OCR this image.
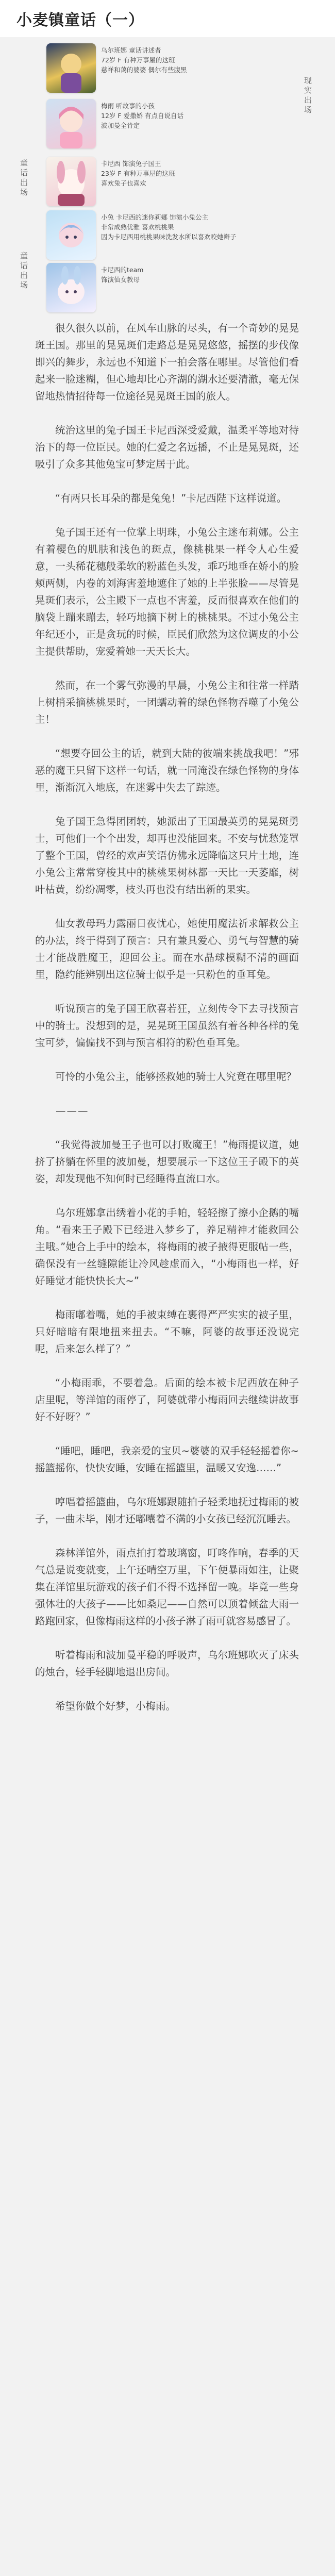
小麦镇童话（一）
现实出场
乌尔班娜 童话讲述者
72岁 F 有种万事屋的这班
慈祥和蔼的婆婆 偶尔有些腹黑
梅雨 听故事的小孩
12岁 F 爱撒娇 有点自说自话
波加曼全肯定
童话出场	卡尼西 饰演兔子国王
23岁 F 有种万事屋的这班
喜欢兔子也喜欢
小兔 卡尼西的迷你莉娜 饰演小兔公主
非常成熟优雅 喜欢桃桃果
因为卡尼西用桃桃果味洗发水所以喜欢咬她辫子
童话出场	卡尼西的team
饰演仙女教母

很久很久以前，在风车山脉的尽头，有一个奇妙的晃晃斑王国。那里的晃晃斑们走路总是晃晃悠悠，摇摆的步伐像即兴的舞步，永远也不知道下一拍会落在哪里。尽管他们看起来一脸迷糊，但心地却比心齐湖的湖水还要清澈，毫无保留地热情招待每一位途径晃晃斑王国的旅人。

统治这里的兔子国王卡尼西深受爱戴，温柔平等地对待治下的每一位臣民。她的仁爱之名远播，不止是晃晃斑，还吸引了众多其他兔宝可梦定居于此。

“有两只长耳朵的都是兔兔！”卡尼西陛下这样说道。

兔子国王还有一位掌上明珠，小兔公主迷布莉娜。公主有着樱色的肌肤和浅色的斑点，像桃桃果一样令人心生爱意，一头稀花穗般柔软的粉蓝色头发，乖巧地垂在娇小的脸颊两侧，内卷的刘海害羞地遮住了她的上半张脸——尽管晃晃斑们表示，公主殿下一点也不害羞，反而很喜欢在他们的脑袋上蹦来蹦去，轻巧地摘下树上的桃桃果。不过小兔公主年纪还小，正是贪玩的时候，臣民们欣然为这位调皮的小公主提供帮助，宠爱着她一天天长大。

然而，在一个雾气弥漫的早晨，小兔公主和往常一样踏上树梢采摘桃桃果时，一团蠕动着的绿色怪物吞噬了小兔公主！

“想要夺回公主的话，就到大陆的彼端来挑战我吧！”邪恶的魔王只留下这样一句话，就一同淹没在绿色怪物的身体里，渐渐沉入地底，在迷雾中失去了踪迹。

兔子国王急得团团转，她派出了王国最英勇的晃晃斑勇士，可他们一个个出发，却再也没能回来。不安与忧愁笼罩了整个王国，曾经的欢声笑语仿佛永远降临这只片土地，连小兔公主常常穿梭其中的桃桃果树林都一天比一天萎靡，树叶枯黄，纷纷凋零，枝头再也没有结出新的果实。

仙女教母玛力露丽日夜忧心，她使用魔法祈求解救公主的办法，终于得到了预言：只有兼具爱心、勇气与智慧的骑士才能战胜魔王，迎回公主。而在水晶球模糊不清的画面里，隐约能辨别出这位骑士似乎是一只粉色的垂耳兔。

听说预言的兔子国王欣喜若狂，立刻传令下去寻找预言中的骑士。没想到的是，晃晃斑王国虽然有着各种各样的兔宝可梦，偏偏找不到与预言相符的粉色垂耳兔。

可怜的小兔公主，能够拯救她的骑士人究竟在哪里呢？

———

“我觉得波加曼王子也可以打败魔王！”梅雨提议道，她挤了挤躺在怀里的波加曼，想要展示一下这位王子殿下的英姿，却发现他不知何时已经睡得直流口水。

乌尔班娜拿出绣着小花的手帕，轻轻擦了擦小企鹅的嘴角。“看来王子殿下已经进入梦乡了，养足精神才能救回公主哦。”她合上手中的绘本，将梅雨的被子掖得更服帖一些，确保没有一丝缝隙能让冷风趁虚而入，“小梅雨也一样，好好睡觉才能快快长大~”

梅雨嘟着嘴，她的手被束缚在裹得严严实实的被子里，只好暗暗有限地扭来扭去。“不嘛，阿婆的故事还没说完呢，后来怎么样了？”

“小梅雨乖，不要着急。后面的绘本被卡尼西放在种子店里呢，等洋馆的雨停了，阿婆就带小梅雨回去继续讲故事好不好呀？”

“睡吧，睡吧，我亲爱的宝贝~婆婆的双手轻轻摇着你~摇篮摇你，快快安睡，安睡在摇篮里，温暖又安逸……”

哼唱着摇篮曲，乌尔班娜跟随拍子轻柔地抚过梅雨的被子，一曲未毕，刚才还嘟囔着不满的小女孩已经沉沉睡去。

森林洋馆外，雨点拍打着玻璃窗，叮咚作响，春季的天气总是说变就变，上午还晴空万里，下午便暴雨如注，让聚集在洋馆里玩游戏的孩子们不得不选择留一晚。毕竟一些身强体壮的大孩子——比如桑尼——自然可以顶着倾盆大雨一路跑回家，但像梅雨这样的小孩子淋了雨可就容易感冒了。

听着梅雨和波加曼平稳的呼吸声，乌尔班娜吹灭了床头的烛台，轻手轻脚地退出房间。

希望你做个好梦，小梅雨。
